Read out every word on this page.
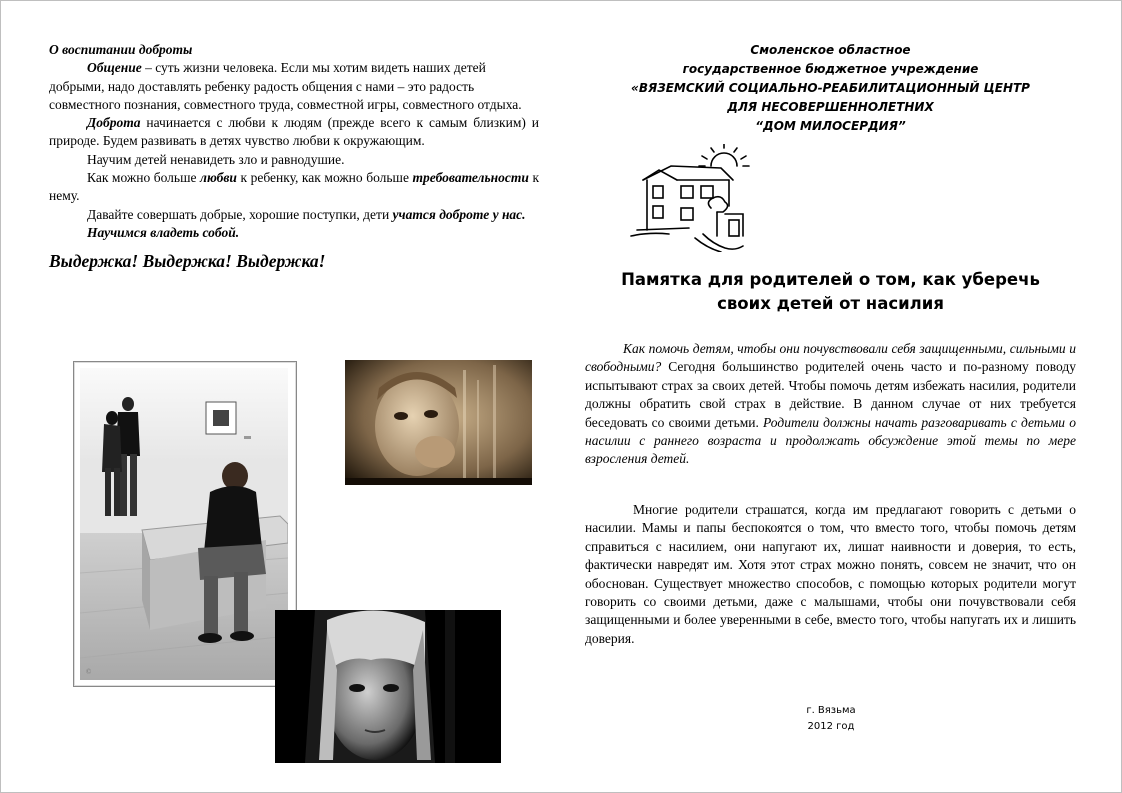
О воспитании доброты

Общение – суть жизни человека. Если мы хотим видеть наших детей добрыми, надо доставлять ребенку радость общения с нами – это радость совместного познания, совместного труда, совместной игры, совместного отдыха.

Доброта начинается с любви к людям (прежде всего к самым близким) и природе. Будем развивать в детях чувство любви к окружающим.

Научим детей ненавидеть зло и равнодушие.

Как можно больше любви к ребенку, как можно больше требовательности к нему.

Давайте совершать добрые, хорошие поступки, дети учатся доброте у нас.

Научимся владеть собой.

Выдержка! Выдержка! Выдержка!

©
Смоленское областное
государственное бюджетное учреждение
«ВЯЗЕМСКИЙ СОЦИАЛЬНО-РЕАБИЛИТАЦИОННЫЙ ЦЕНТР
ДЛЯ НЕСОВЕРШЕННОЛЕТНИХ
“ДОМ МИЛОСЕРДИЯ”
Памятка для родителей о том, как уберечь
своих детей от насилия

Как помочь детям, чтобы они почувствовали себя защищенными, сильными и свободными? Сегодня большинство родителей очень часто и по-разному поводу испытывают страх за своих детей. Чтобы помочь детям избежать насилия, родители должны обратить свой страх в действие. В данном случае от них требуется беседовать со своими детьми. Родители должны начать разговаривать с детьми о насилии с раннего возраста и продолжать обсуждение этой темы по мере взросления детей.

Многие родители страшатся, когда им предлагают говорить с детьми о насилии. Мамы и папы беспокоятся о том, что вместо того, чтобы помочь детям справиться с насилием, они напугают их, лишат наивности и доверия, то есть, фактически навредят им. Хотя этот страх можно понять, совсем не значит, что он обоснован. Существует множество способов, с помощью которых родители могут говорить со своими детьми, даже с малышами, чтобы они почувствовали себя защищенными и более уверенными в себе, вместо того, чтобы напугать их и лишить доверия.

г. Вязьма
2012 год
